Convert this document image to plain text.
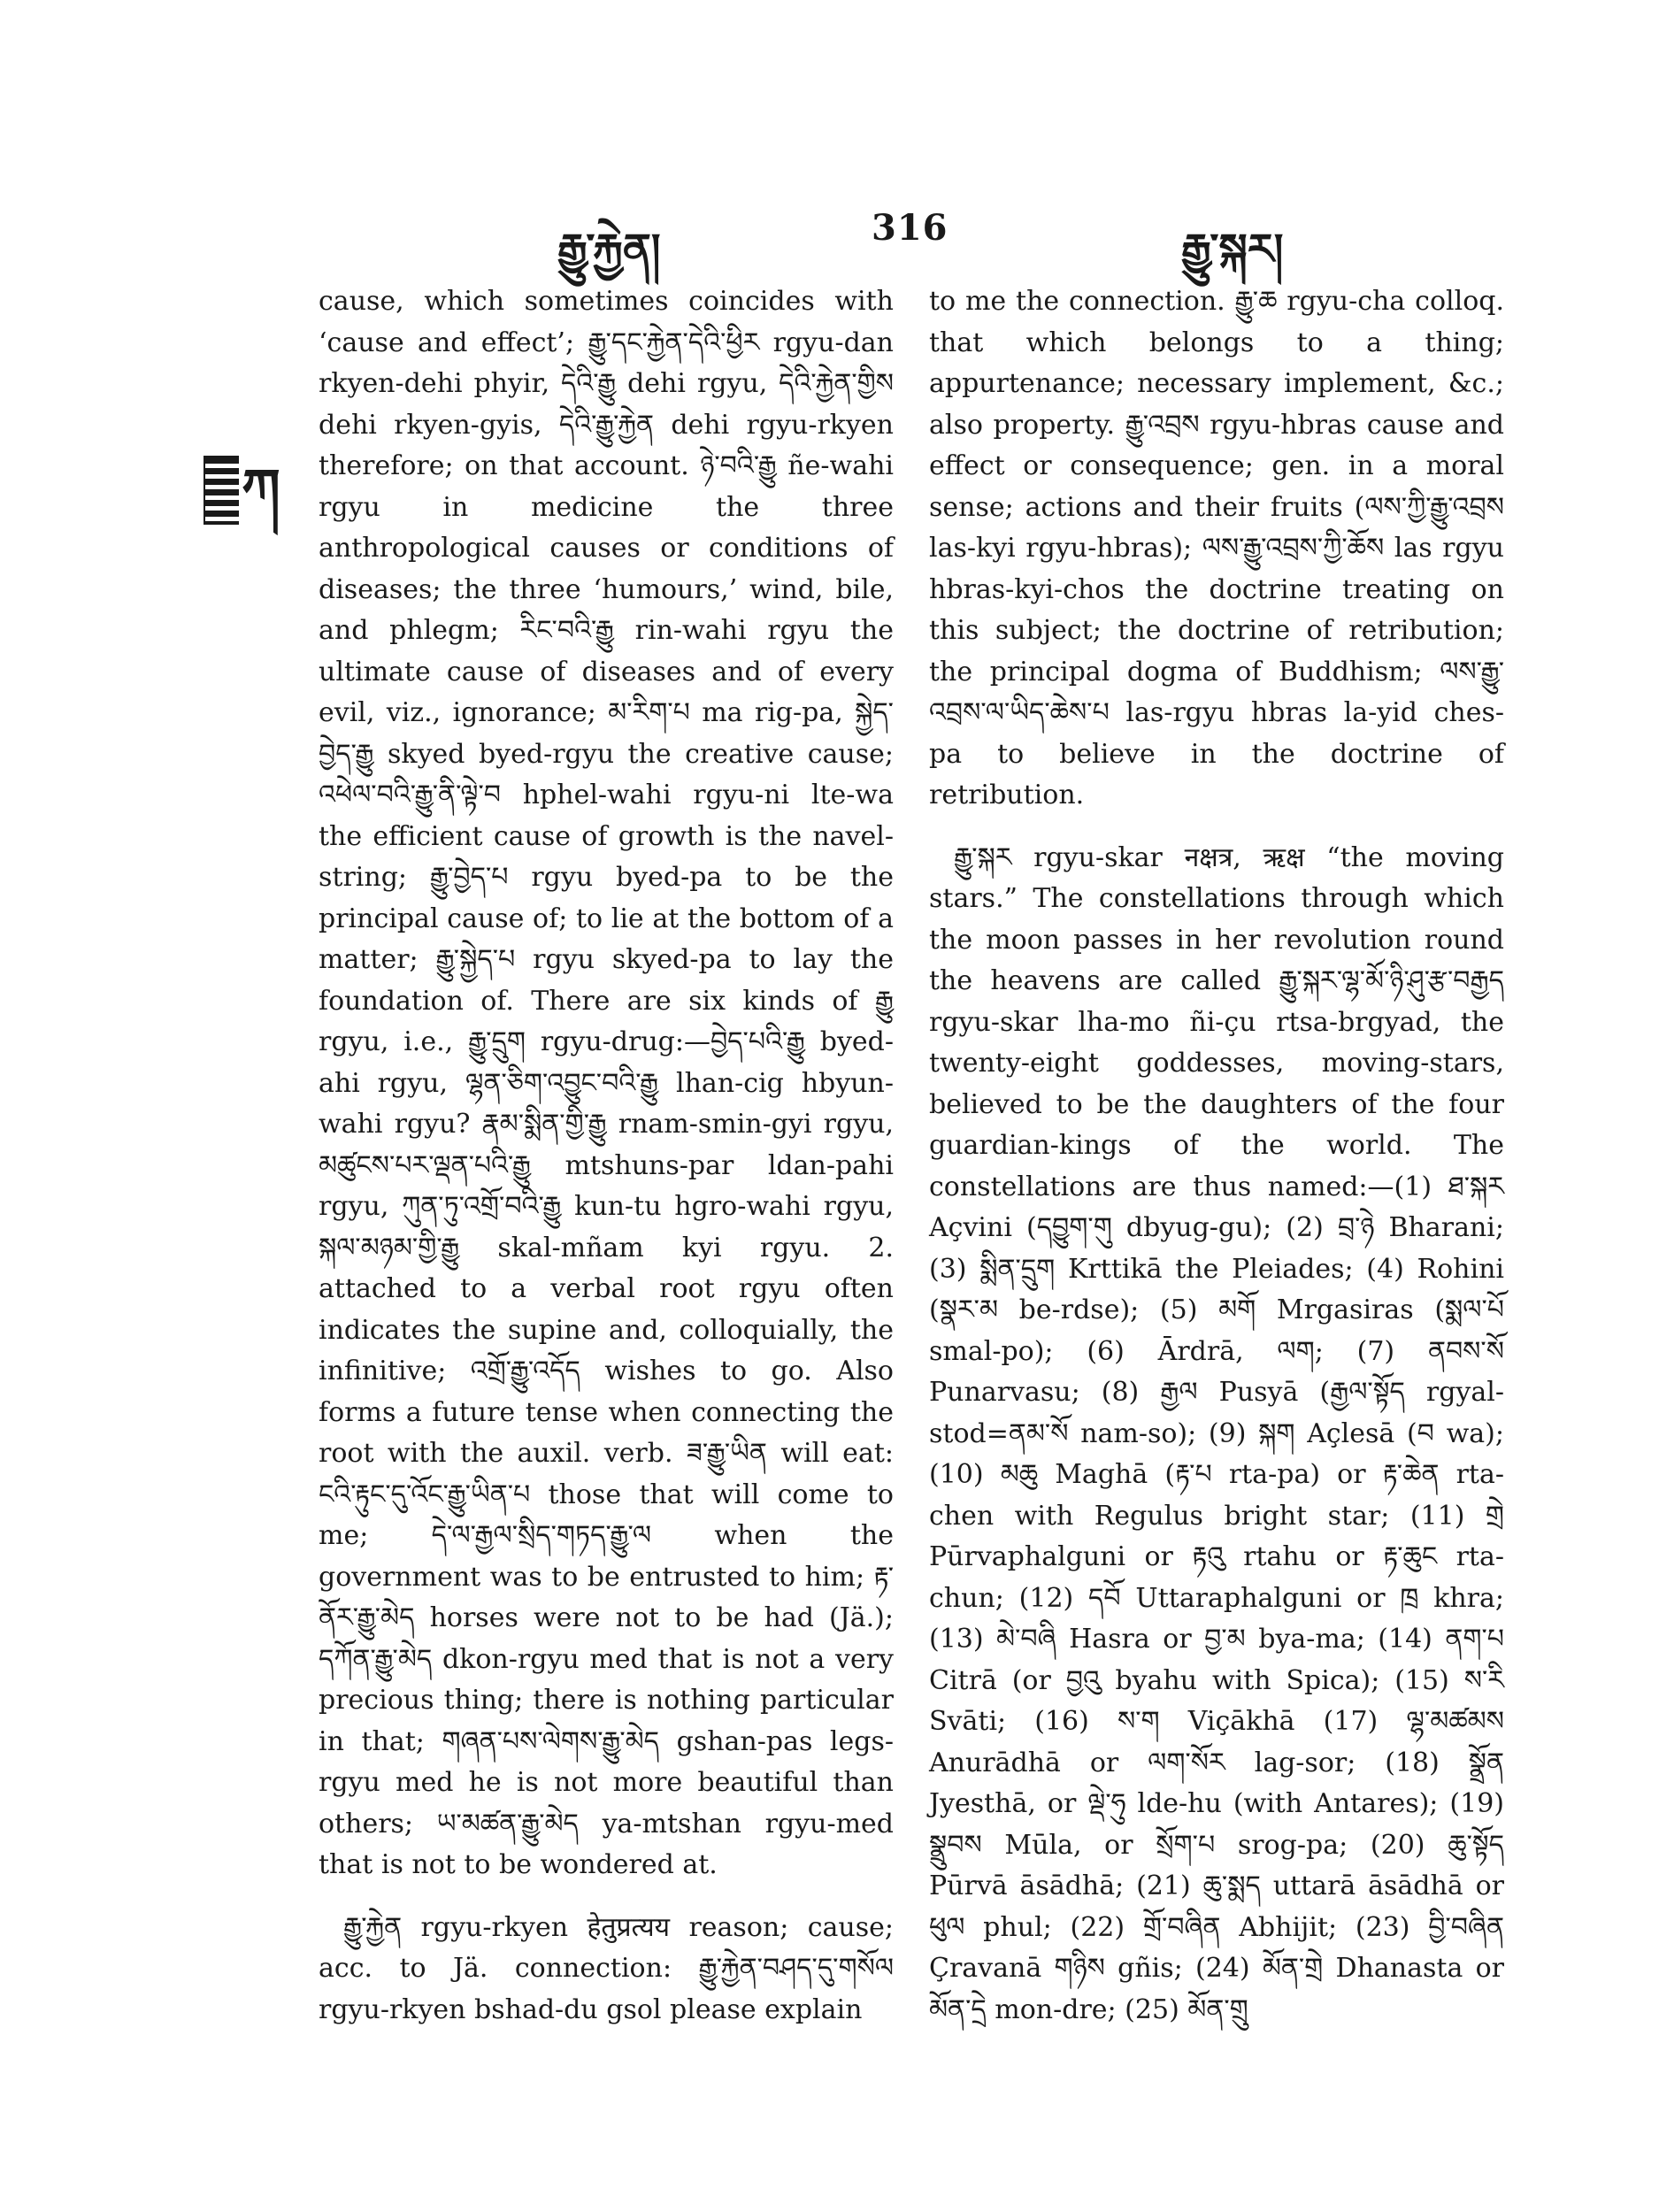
རྒྱུ་རྐྱེན།	316	རྒྱུ་སྐར།
ཀ

cause, which sometimes coincides with ‘cause and effect’; རྒྱུ་དང་རྐྱེན་དེའི་ཕྱིར rgyu-dan rkyen-dehi phyir, དེའི་རྒྱུ dehi rgyu, དེའི་རྐྱེན་གྱིས dehi rkyen-gyis, དེའི་རྒྱུ་རྐྱེན dehi rgyu-rkyen therefore; on that account. ཉེ་བའི་རྒྱུ ñe-wahi rgyu in medicine the three anthropological causes or conditions of diseases; the three ‘humours,’ wind, bile, and phlegm; རིང་བའི་རྒྱུ rin-wahi rgyu the ultimate cause of diseases and of every evil, viz., ignorance; མ་རིག་པ ma rig-pa, སྐྱེད་བྱེད་རྒྱུ skyed byed-rgyu the creative cause; འཕེལ་བའི་རྒྱུ་ནི་ལྟེ་བ hphel-wahi rgyu-ni lte-wa the efficient cause of growth is the navel-string; རྒྱུ་བྱེད་པ rgyu byed-pa to be the principal cause of; to lie at the bottom of a matter; རྒྱུ་སྐྱེད་པ rgyu skyed-pa to lay the foundation of. There are six kinds of རྒྱུ rgyu, i.e., རྒྱུ་དྲུག rgyu-drug:—བྱེད་པའི་རྒྱུ byed-ahi rgyu, ལྷན་ཅིག་འབྱུང་བའི་རྒྱུ lhan-cig hbyun-wahi rgyu? རྣམ་སྨིན་གྱི་རྒྱུ rnam-smin-gyi rgyu, མཚུངས་པར་ལྡན་པའི་རྒྱུ mtshuns-par ldan-pahi rgyu, ཀུན་ཏུ་འགྲོ་བའི་རྒྱུ kun-tu hgro-wahi rgyu, སྐལ་མཉམ་གྱི་རྒྱུ skal-mñam kyi rgyu. 2. attached to a verbal root rgyu often indicates the supine and, colloquially, the infinitive; འགྲོ་རྒྱུ་འདོད wishes to go. Also forms a future tense when connecting the root with the auxil. verb. ཟ་རྒྱུ་ཡིན will eat: ངའི་རྟུང་དུ་འོང་རྒྱུ་ཡིན་པ those that will come to me; དེ་ལ་རྒྱལ་སྲིད་གཏད་རྒྱུ་ལ when the government was to be entrusted to him; རྟ་ནོར་རྒྱུ་མེད horses were not to be had (Jä.); དཀོན་རྒྱུ་མེད dkon-rgyu med that is not a very precious thing; there is nothing particular in that; གཞན་པས་ལེགས་རྒྱུ་མེད gshan-pas legs-rgyu med he is not more beautiful than others; ཡ་མཚན་རྒྱུ་མེད ya-mtshan rgyu-med that is not to be wondered at.

རྒྱུ་རྐྱེན rgyu-rkyen हेतुप्रत्यय reason; cause; acc. to Jä. connection: རྒྱུ་རྐྱེན་བཤད་དུ་གསོལ rgyu-rkyen bshad-du gsol please explain

to me the connection. རྒྱུ་ཆ rgyu-cha colloq. that which belongs to a thing; appurtenance; necessary implement, &c.; also property. རྒྱུ་འབྲས rgyu-hbras cause and effect or consequence; gen. in a moral sense; actions and their fruits (ལས་ཀྱི་རྒྱུ་འབྲས las-kyi rgyu-hbras); ལས་རྒྱུ་འབྲས་ཀྱི་ཆོས las rgyu hbras-kyi-chos the doctrine treating on this subject; the doctrine of retribution; the principal dogma of Buddhism; ལས་རྒྱུ་འབྲས་ལ་ཡིད་ཆེས་པ las-rgyu hbras la-yid ches-pa to believe in the doctrine of retribution.

རྒྱུ་སྐར rgyu-skar नक्षत्र, ऋक्ष “the moving stars.” The constellations through which the moon passes in her revolution round the heavens are called རྒྱུ་སྐར་ལྷ་མོ་ཉི་ཤུ་རྩ་བརྒྱད rgyu-skar lha-mo ñi-çu rtsa-brgyad, the twenty-eight goddesses, moving-stars, believed to be the daughters of the four guardian-kings of the world. The constellations are thus named:—(1) ཐ་སྐར Açvini (དབྱུག་གུ dbyug-gu); (2) བྲ་ཉེ Bharani; (3) སྨིན་དྲུག Krttikā the Pleiades; (4) Rohini (སྣར་མ be-rdse); (5) མགོ Mrgasiras (སྨལ་པོ smal-po); (6) Ārdrā, ལག; (7) ནབས་སོ Punarvasu; (8) རྒྱལ Pusyā (རྒྱལ་སྟོད rgyal-stod=ནམ་སོ nam-so); (9) སྐག Açlesā (བ wa); (10) མཆུ Maghā (རྟ་པ rta-pa) or རྟ་ཆེན rta-chen with Regulus bright star; (11) གྲེ Pūrvaphalguni or རྟའུ rtahu or རྟ་ཆུང rta-chun; (12) དབོ Uttaraphalguni or ཁྲ khra; (13) མེ་བཞི Hasra or བྱ་མ bya-ma; (14) ནག་པ Citrā (or བྱའུ byahu with Spica); (15) ས་རི Svāti; (16) ས་ག Viçākhā (17) ལྷ་མཚམས Anurādhā or ལག་སོར lag-sor; (18) སྣྲོན Jyesthā, or ལྡེ་ཧུ lde-hu (with Antares); (19) སྣྲུབས Mūla, or སྲོག་པ srog-pa; (20) ཆུ་སྟོད Pūrvā āsādhā; (21) ཆུ་སྨད uttarā āsādhā or ཕུལ phul; (22) གྲོ་བཞིན Abhijit; (23) བྱི་བཞིན Çravanā གཉིས gñis; (24) མོན་གྲེ Dhanasta or མོན་དྲེ mon-dre; (25) མོན་གྲུ
